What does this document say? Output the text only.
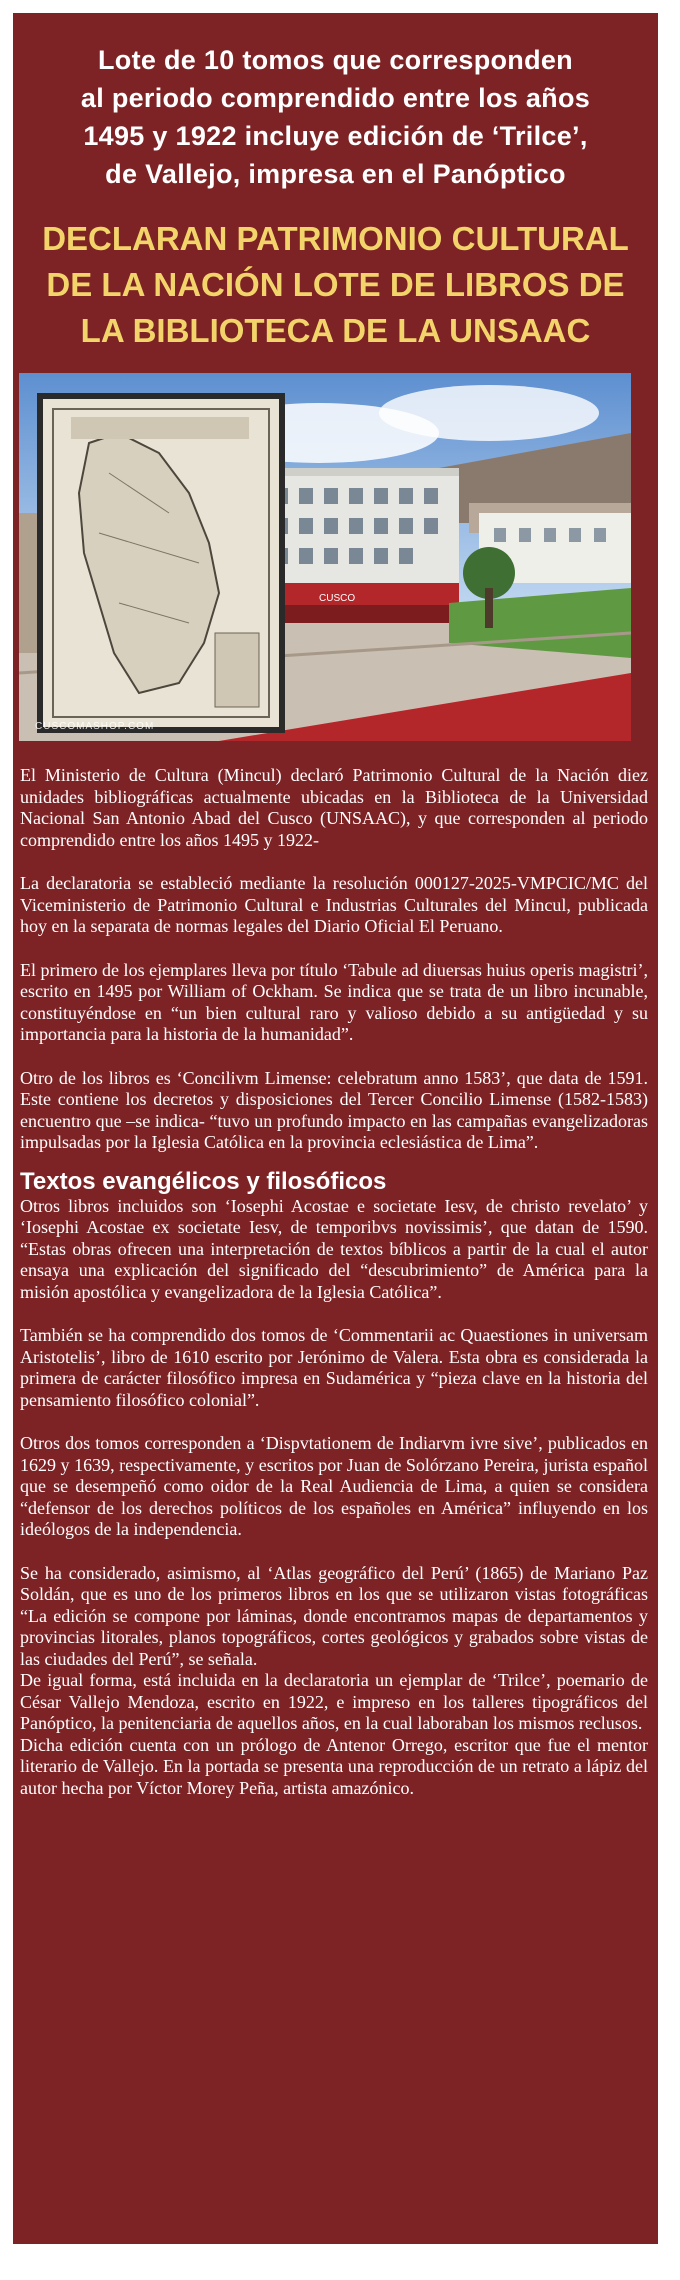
Lote de 10 tomos que corresponden
al periodo comprendido entre los años
1495 y 1922 incluye edición de ‘Trilce’,
de Vallejo, impresa en el Panóptico
DECLARAN PATRIMONIO CULTURAL
DE LA NACIÓN LOTE DE LIBROS DE
LA BIBLIOTECA DE LA UNSAAC
CUSCO
CUSCOMASHOP.COM

El Ministerio de Cultura (Mincul) declaró Patrimonio Cultural de la Nación diez unidades bibliográficas actualmente ubicadas en la Biblioteca de la Universidad Nacional San Antonio Abad del Cusco (UNSAAC), y que corresponden al periodo comprendido entre los años 1495 y 1922-

La declaratoria se estableció mediante la resolución 000127-2025-VMPCIC/MC del Viceministerio de Patrimonio Cultural e Industrias Culturales del Mincul, publicada hoy en la separata de normas legales del Diario Oficial El Peruano.

El primero de los ejemplares lleva por título ‘Tabule ad diuersas huius operis magistri’, escrito en 1495 por William of Ockham. Se indica que se trata de un libro incunable, constituyéndose en “un bien cultural raro y valioso debido a su antigüedad y su importancia para la historia de la humanidad”.

Otro de los libros es ‘Concilivm Limense: celebratum anno 1583’, que data de 1591. Este contiene los decretos y disposiciones del Tercer Concilio Limense (1582-1583) encuentro que –se indica- “tuvo un profundo impacto en las campañas evangelizadoras impulsadas por la Iglesia Católica en la provincia eclesiástica de Lima”.

Textos evangélicos y filosóficos

Otros libros incluidos son ‘Iosephi Acostae e societate Iesv, de christo revelato’ y ‘Iosephi Acostae ex societate Iesv, de temporibvs novissimis’, que datan de 1590. “Estas obras ofrecen una interpretación de textos bíblicos a partir de la cual el autor ensaya una explicación del significado del “descubrimiento” de América para la misión apostólica y evangelizadora de la Iglesia Católica”.

También se ha comprendido dos tomos de ‘Commentarii ac Quaestiones in universam Aristotelis’, libro de 1610 escrito por Jerónimo de Valera. Esta obra es considerada la primera de carácter filosófico impresa en Sudamérica y “pieza clave en la historia del pensamiento filosófico colonial”.

Otros dos tomos corresponden a ‘Dispvtationem de Indiarvm ivre sive’, publicados en 1629 y 1639, respectivamente, y escritos por Juan de Solórzano Pereira, jurista español que se desempeñó como oidor de la Real Audiencia de Lima, a quien se considera “defensor de los derechos políticos de los españoles en América” influyendo en los ideólogos de la independencia.

Se ha considerado, asimismo, al ‘Atlas geográfico del Perú’ (1865) de Mariano Paz Soldán, que es uno de los primeros libros en los que se utilizaron vistas fotográficas “La edición se compone por láminas, donde encontramos mapas de departamentos y provincias litorales, planos topográficos, cortes geológicos y grabados sobre vistas de las ciudades del Perú”, se señala.

De igual forma, está incluida en la declaratoria un ejemplar de ‘Trilce’, poemario de César Vallejo Mendoza, escrito en 1922, e impreso en los talleres tipográficos del Panóptico, la penitenciaria de aquellos años, en la cual laboraban los mismos reclusos.

Dicha edición cuenta con un prólogo de Antenor Orrego, escritor que fue el mentor literario de Vallejo. En la portada se presenta una reproducción de un retrato a lápiz del autor hecha por Víctor Morey Peña, artista amazónico.
